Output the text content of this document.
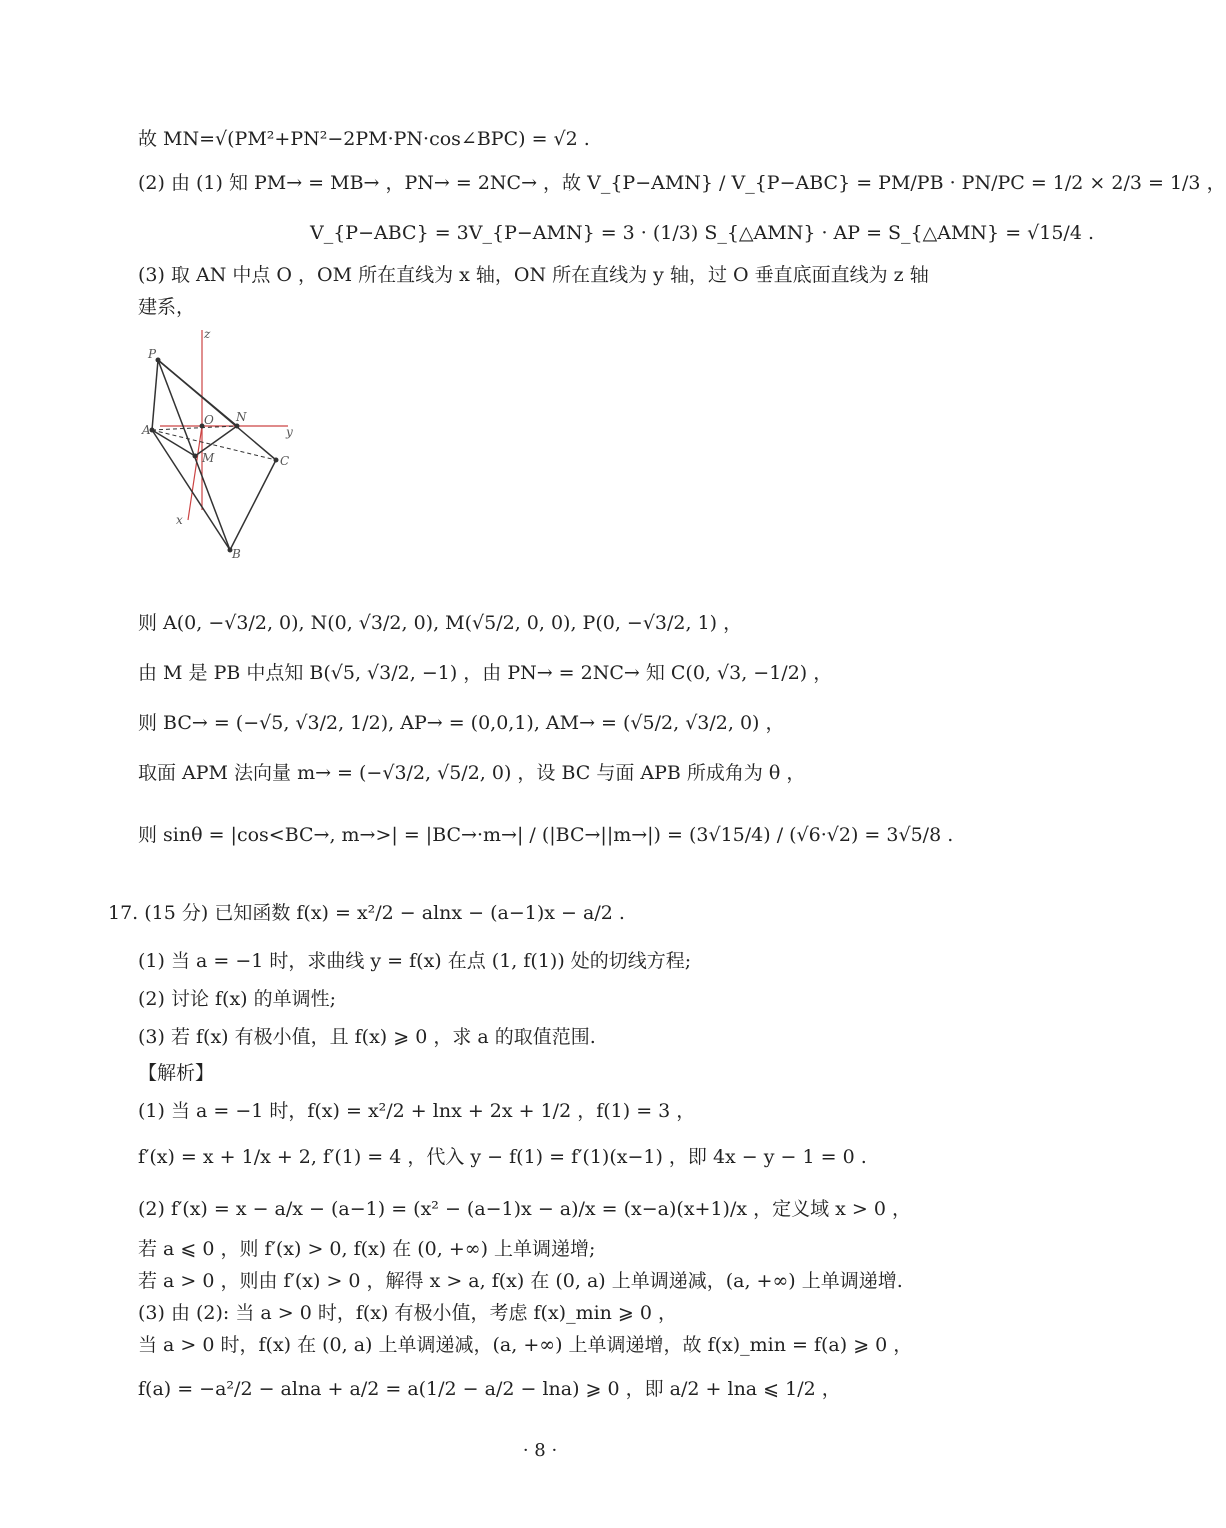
故 MN=√(PM²+PN²−2PM·PN·cos∠BPC) = √2 .
(2) 由 (1) 知 PM→ = MB→ ，PN→ = 2NC→ ，故 V_{P−AMN} / V_{P−ABC} = PM/PB · PN/PC = 1/2 × 2/3 = 1/3 ，
V_{P−ABC} = 3V_{P−AMN} = 3 · (1/3) S_{△AMN} · AP = S_{△AMN} = √15/4 .
(3) 取 AN 中点 O ，OM 所在直线为 x 轴，ON 所在直线为 y 轴，过 O 垂直底面直线为 z 轴
建系，
P
A
O N
M	C
B
z
y
x
则 A(0, −√3/2, 0), N(0, √3/2, 0), M(√5/2, 0, 0), P(0, −√3/2, 1) ，
由 M 是 PB 中点知 B(√5, √3/2, −1) ，由 PN→ = 2NC→ 知 C(0, √3, −1/2) ，
则 BC→ = (−√5, √3/2, 1/2), AP→ = (0,0,1), AM→ = (√5/2, √3/2, 0) ，
取面 APM 法向量 m→ = (−√3/2, √5/2, 0) ，设 BC 与面 APB 所成角为 θ ，
则 sinθ = |cos<BC→, m→>| = |BC→·m→| / (|BC→||m→|) = (3√15/4) / (√6·√2) = 3√5/8 .
17. (15 分) 已知函数 f(x) = x²/2 − alnx − (a−1)x − a/2 .
(1) 当 a = −1 时，求曲线 y = f(x) 在点 (1, f(1)) 处的切线方程;
(2) 讨论 f(x) 的单调性;
(3) 若 f(x) 有极小值，且 f(x) ⩾ 0 ，求 a 的取值范围.
【解析】
(1) 当 a = −1 时，f(x) = x²/2 + lnx + 2x + 1/2 ，f(1) = 3 ，
f′(x) = x + 1/x + 2, f′(1) = 4 ，代入 y − f(1) = f′(1)(x−1) ，即 4x − y − 1 = 0 .
(2) f′(x) = x − a/x − (a−1) = (x² − (a−1)x − a)/x = (x−a)(x+1)/x ，定义域 x > 0 ，
若 a ⩽ 0 ，则 f′(x) > 0, f(x) 在 (0, +∞) 上单调递增;
若 a > 0 ，则由 f′(x) > 0 ，解得 x > a, f(x) 在 (0, a) 上单调递减，(a, +∞) 上单调递增.
(3) 由 (2): 当 a > 0 时，f(x) 有极小值，考虑 f(x)_min ⩾ 0 ，
当 a > 0 时，f(x) 在 (0, a) 上单调递减，(a, +∞) 上单调递增，故 f(x)_min = f(a) ⩾ 0 ，
f(a) = −a²/2 − alna + a/2 = a(1/2 − a/2 − lna) ⩾ 0 ，即 a/2 + lna ⩽ 1/2 ，
· 8 ·
